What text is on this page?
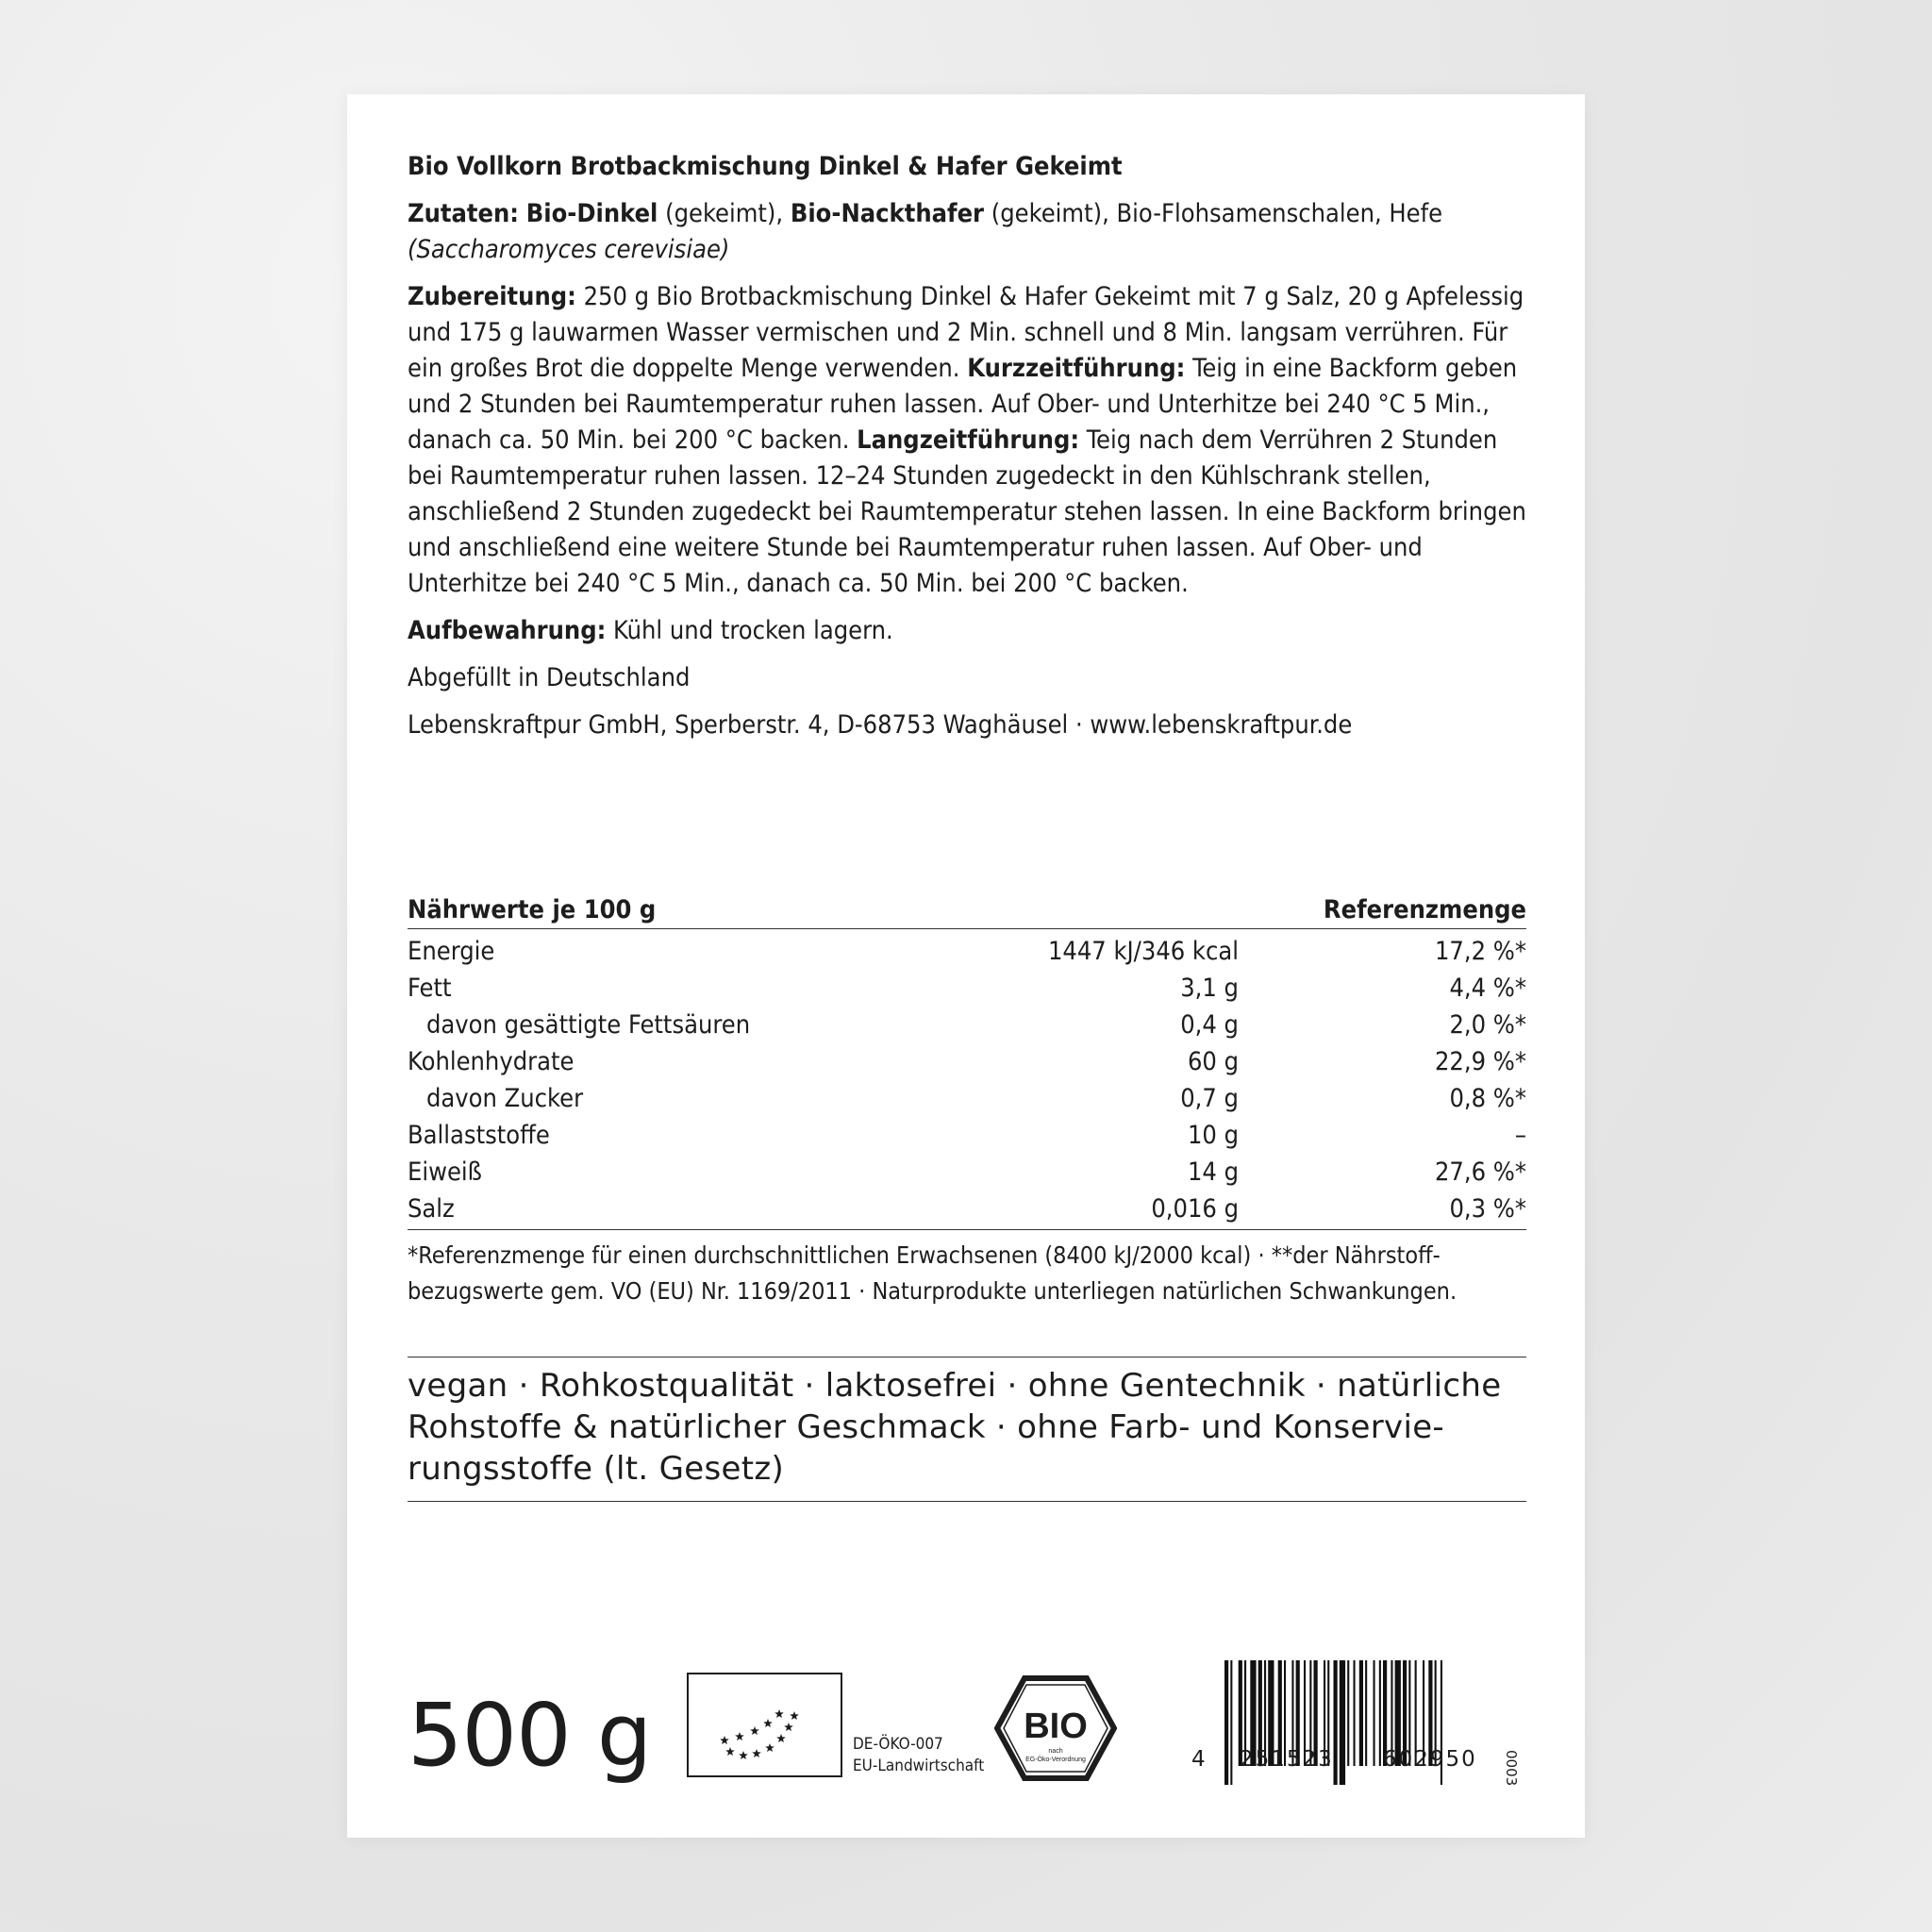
Bio Vollkorn Brotbackmischung Dinkel & Hafer Gekeimt
Zutaten: Bio-Dinkel (gekeimt), Bio-Nackthafer (gekeimt), Bio-Flohsamenschalen, Hefe
(Saccharomyces cerevisiae)
Zubereitung: 250 g Bio Brotbackmischung Dinkel & Hafer Gekeimt mit 7 g Salz, 20 g Apfelessig und 175 g lauwarmen Wasser vermischen und 2 Min. schnell und 8 Min. langsam verrühren. Für ein großes Brot die doppelte Menge verwenden. Kurzzeitführung: Teig in eine Backform geben und 2 Stunden bei Raumtemperatur ruhen lassen. Auf Ober- und Unterhitze bei 240 °C 5 Min., danach ca. 50 Min. bei 200 °C backen. Langzeitführung: Teig nach dem Verrühren 2 Stunden bei Raumtemperatur ruhen lassen. 12–24 Stunden zugedeckt in den Kühlschrank stellen, anschließend 2 Stunden zugedeckt bei Raumtemperatur stehen lassen. In eine Backform bringen und anschließend eine weitere Stunde bei Raumtemperatur ruhen lassen. Auf Ober- und Unterhitze bei 240 °C 5 Min., danach ca. 50 Min. bei 200 °C backen.
Aufbewahrung: Kühl und trocken lagern.
Abgefüllt in Deutschland
Lebenskraftpur GmbH, Sperberstr. 4, D-68753 Waghäusel · www.lebenskraftpur.de
Nährwerte je 100 g	Referenzmenge
Energie	1447 kJ/346 kcal	17,2 %*
Fett	3,1 g	4,4 %*
davon gesättigte Fettsäuren	0,4 g	2,0 %*
Kohlenhydrate	60 g	22,9 %*
davon Zucker	0,7 g	0,8 %*
Ballaststoffe	10 g	–
Eiweiß	14 g	27,6 %*
Salz	0,016 g	0,3 %*
*Referenzmenge für einen durchschnittlichen Erwachsenen (8400 kJ/2000 kcal) · **der Nährstoffbezugswerte gem. VO (EU) Nr. 1169/2011 · Naturprodukte unterliegen natürlichen Schwankungen.
vegan · Rohkostqualität · laktosefrei · ohne Gentechnik · natürliche Rohstoffe & natürlicher Geschmack · ohne Farb- und Konservierungsstoffe (lt. Gesetz)
500 g	DE-ÖKO-007
EU-Landwirtschaft
BIO
nach
EG-Öko-Verordnung	4 251523 602950 0003
